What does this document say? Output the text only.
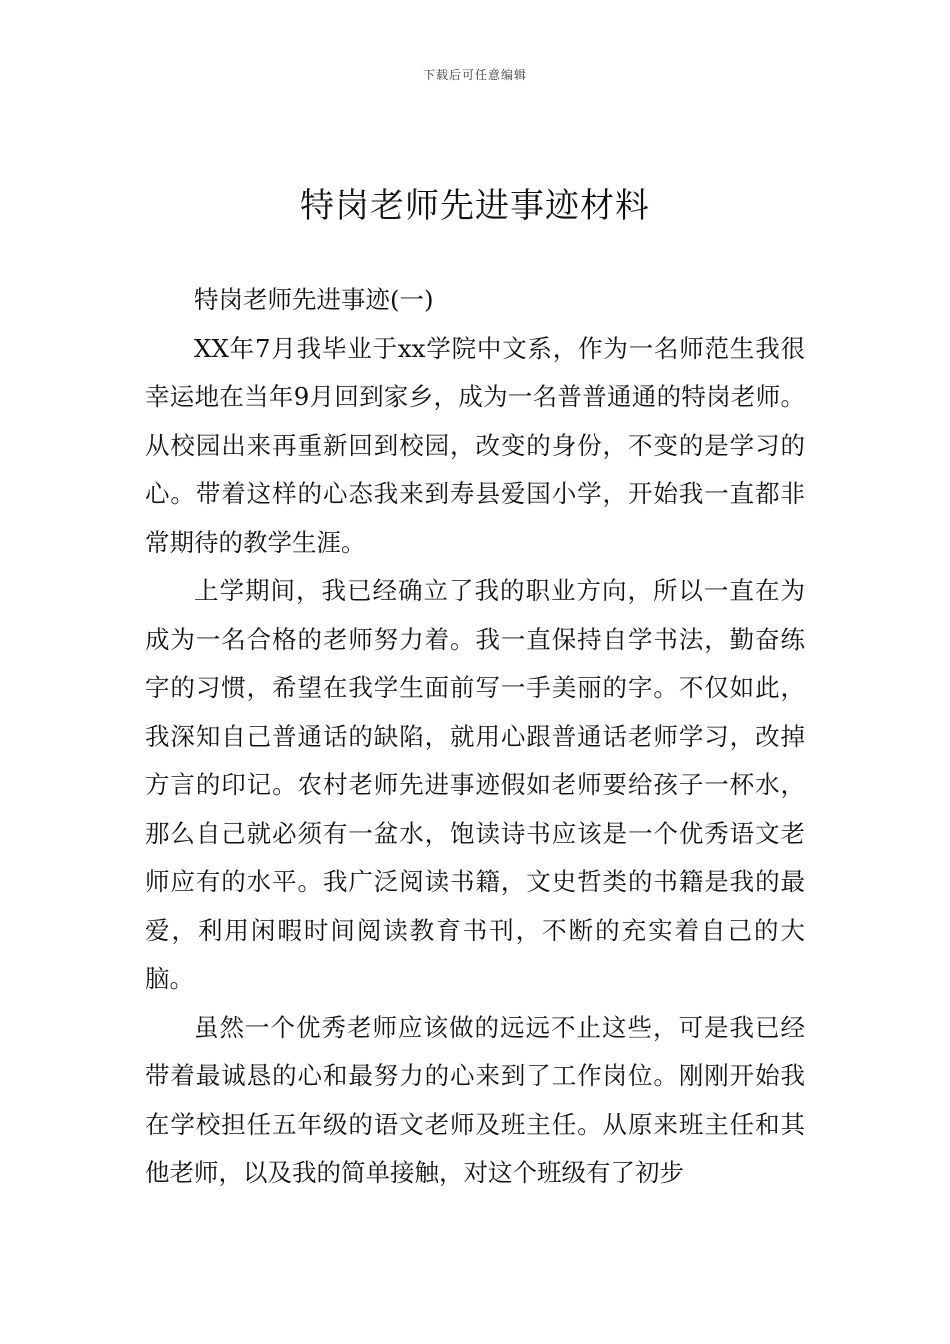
下载后可任意编辑
特岗老师先进事迹材料

特岗老师先进事迹(一)

XX年7月我毕业于xx学院中文系，作为一名师范生我很幸运地在当年9月回到家乡，成为一名普普通通的特岗老师。从校园出来再重新回到校园，改变的身份，不变的是学习的心。带着这样的心态我来到寿县爱国小学，开始我一直都非常期待的教学生涯。

上学期间，我已经确立了我的职业方向，所以一直在为成为一名合格的老师努力着。我一直保持自学书法，勤奋练字的习惯，希望在我学生面前写一手美丽的字。不仅如此，我深知自己普通话的缺陷，就用心跟普通话老师学习，改掉方言的印记。农村老师先进事迹假如老师要给孩子一杯水，那么自己就必须有一盆水，饱读诗书应该是一个优秀语文老师应有的水平。我广泛阅读书籍，文史哲类的书籍是我的最爱，利用闲暇时间阅读教育书刊，不断的充实着自己的大脑。

虽然一个优秀老师应该做的远远不止这些，可是我已经带着最诚恳的心和最努力的心来到了工作岗位。刚刚开始我在学校担任五年级的语文老师及班主任。从原来班主任和其他老师，以及我的简单接触，对这个班级有了初步
